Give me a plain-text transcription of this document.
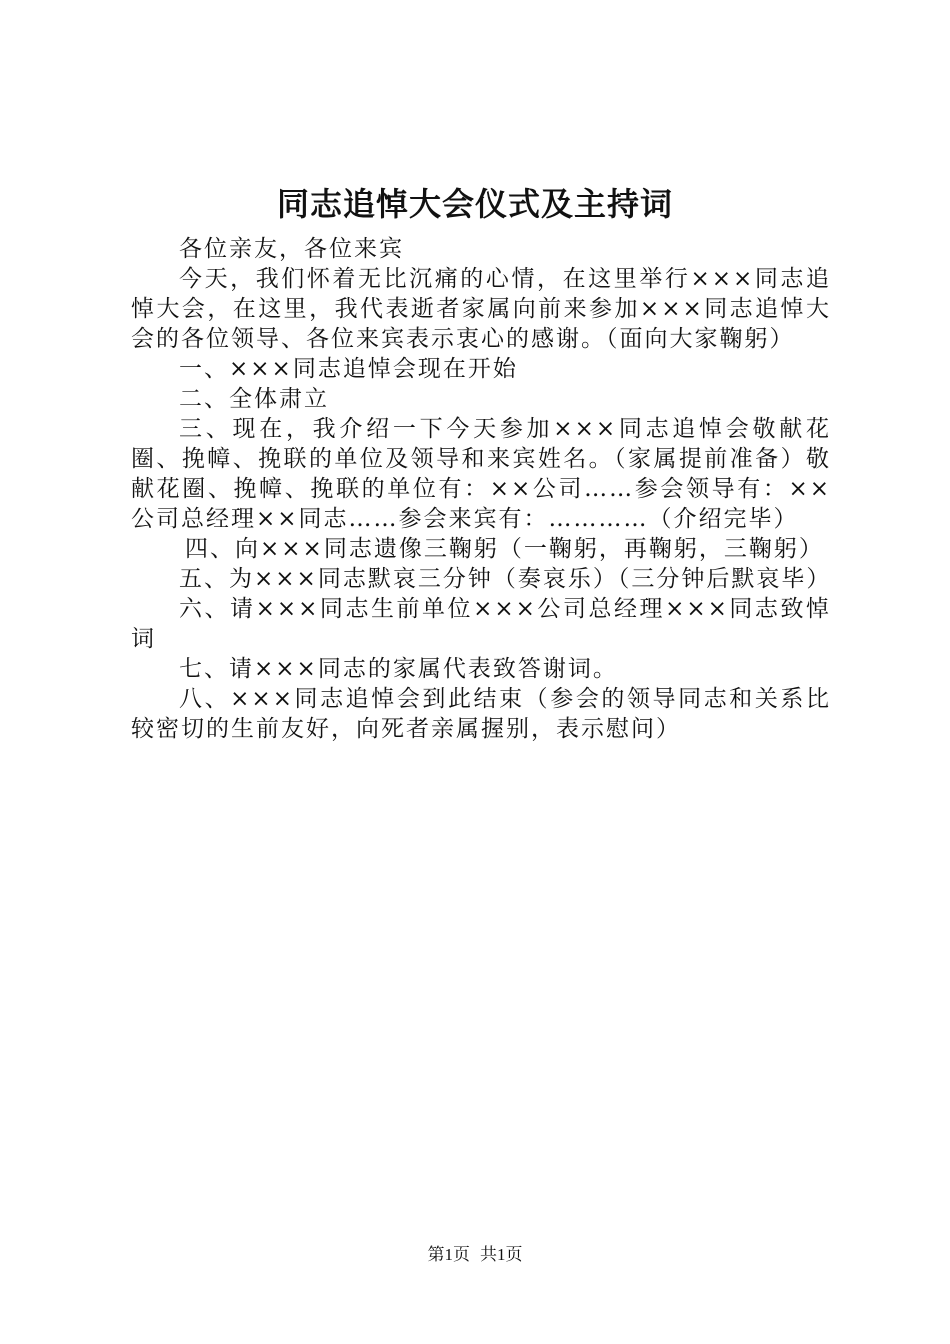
同志追悼大会仪式及主持词

各位亲友，各位来宾

今天，我们怀着无比沉痛的心情，在这里举行×××同志追悼大会，在这里，我代表逝者家属向前来参加×××同志追悼大会的各位领导、各位来宾表示衷心的感谢。（面向大家鞠躬）

一、×××同志追悼会现在开始

二、全体肃立

三、现在，我介绍一下今天参加×××同志追悼会敬献花圈、挽幛、挽联的单位及领导和来宾姓名。（家属提前准备）敬献花圈、挽幛、挽联的单位有：××公司……参会领导有：××公司总经理××同志……参会来宾有：…………（介绍完毕）

四、向×××同志遗像三鞠躬（一鞠躬，再鞠躬，三鞠躬）

五、为×××同志默哀三分钟（奏哀乐）（三分钟后默哀毕）

六、请×××同志生前单位×××公司总经理×××同志致悼词

七、请×××同志的家属代表致答谢词。

八、×××同志追悼会到此结束（参会的领导同志和关系比较密切的生前友好，向死者亲属握别，表示慰问）

第1页 共1页
